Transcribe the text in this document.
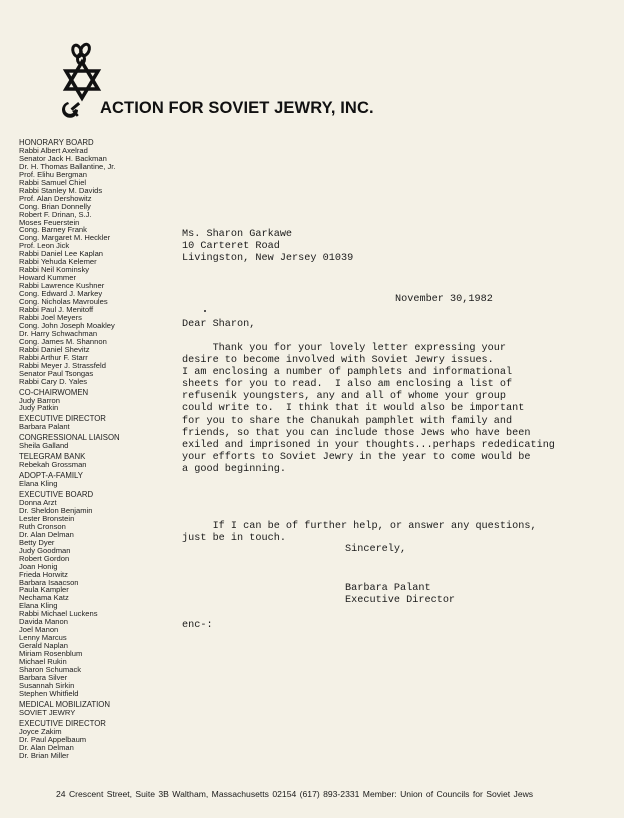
ACTION FOR SOVIET JEWRY, INC.
HONORARY BOARD
Rabbi Albert Axelrad
Senator Jack H. Backman
Dr. H. Thomas Ballantine, Jr.
Prof. Elihu Bergman
Rabbi Samuel Chiel
Rabbi Stanley M. Davids
Prof. Alan Dershowitz
Cong. Brian Donnelly
Robert F. Drinan, S.J.
Moses Feuerstein
Cong. Barney Frank
Cong. Margaret M. Heckler
Prof. Leon Jick
Rabbi Daniel Lee Kaplan
Rabbi Yehuda Kelemer
Rabbi Neil Kominsky
Howard Kummer
Rabbi Lawrence Kushner
Cong. Edward J. Markey
Cong. Nicholas Mavroules
Rabbi Paul J. Menitoff
Rabbi Joel Meyers
Cong. John Joseph Moakley
Dr. Harry Schwachman
Cong. James M. Shannon
Rabbi Daniel Shevitz
Rabbi Arthur F. Starr
Rabbi Meyer J. Strassfeld
Senator Paul Tsongas
Rabbi Cary D. Yales
CO-CHAIRWOMEN
Judy Barron
Judy Patkin
EXECUTIVE DIRECTOR
Barbara Palant
CONGRESSIONAL LIAISON
Sheila Galland
TELEGRAM BANK
Rebekah Grossman
ADOPT-A-FAMILY
Elana Kling
EXECUTIVE BOARD
Donna Arzt
Dr. Sheldon Benjamin
Lester Bronstein
Ruth Cronson
Dr. Alan Delman
Betty Dyer
Judy Goodman
Robert Gordon
Joan Honig
Frieda Horwitz
Barbara Isaacson
Paula Kampler
Nechama Katz
Elana Kling
Rabbi Michael Luckens
Davida Manon
Joel Manon
Lenny Marcus
Gerald Naplan
Miriam Rosenblum
Michael Rukin
Sharon Schumack
Barbara Silver
Susannah Sirkin
Stephen Whitfield
MEDICAL MOBILIZATION
SOVIET JEWRY
EXECUTIVE DIRECTOR
Joyce Zakim
Dr. Paul Appelbaum
Dr. Alan Delman
Dr. Brian Miller
Ms. Sharon Garkawe
10 Carteret Road
Livingston, New Jersey 01039
November 30,1982
Dear Sharon,
Thank you for your lovely letter expressing your
desire to become involved with Soviet Jewry issues.
I am enclosing a number of pamphlets and informational
sheets for you to read.  I also am enclosing a list of
refusenik youngsters, any and all of whome your group
could write to.  I think that it would also be important
for you to share the Chanukah pamphlet with family and
friends, so that you can include those Jews who have been
exiled and imprisoned in your thoughts...perhaps rededicating
your efforts to Soviet Jewry in the year to come would be
a good beginning.
If I can be of further help, or answer any questions,
just be in touch.
Sincerely,
Barbara Palant
Executive Director
enc-:
24 Crescent Street, Suite 3B Waltham, Massachusetts 02154 (617) 893-2331 Member: Union of Councils for Soviet Jews
